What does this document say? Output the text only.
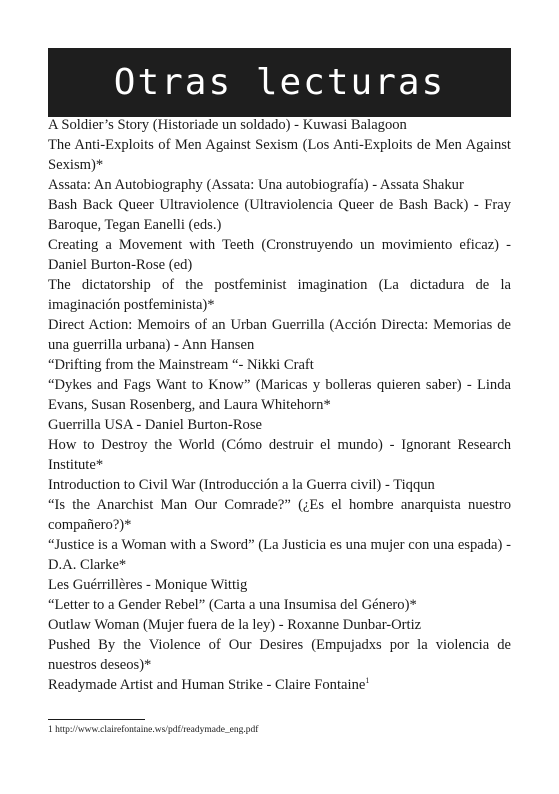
Otras lecturas
A Soldier’s Story (Historiade un soldado) - Kuwasi Balagoon
The Anti-Exploits of Men Against Sexism (Los Anti-Exploits de Men Against Sexism)*
Assata: An Autobiography (Assata: Una autobiografía) - Assata Shakur
Bash Back Queer Ultraviolence (Ultraviolencia Queer de Bash Back) - Fray Baroque, Tegan Eanelli (eds.)
Creating a Movement with Teeth (Cronstruyendo un movimiento eficaz) - Daniel Burton-Rose (ed)
The dictatorship of the postfeminist imagination (La dictadura de la imaginación postfeminista)*
Direct Action: Memoirs of an Urban Guerrilla (Acción Directa: Memorias de una guerrilla urbana) - Ann Hansen
“Drifting from the Mainstream “- Nikki Craft
“Dykes and Fags Want to Know” (Maricas y bolleras quieren saber) - Linda Evans, Susan Rosenberg, and Laura Whitehorn*
Guerrilla USA - Daniel Burton-Rose
How to Destroy the World (Cómo destruir el mundo) - Ignorant Research Institute*
Introduction to Civil War (Introducción a la Guerra civil) - Tiqqun
“Is the Anarchist Man Our Comrade?” (¿Es el hombre anarquista nuestro compañero?)*
“Justice is a Woman with a Sword” (La Justicia es una mujer con una espada) - D.A. Clarke*
Les Guérrillères - Monique Wittig
“Letter to a Gender Rebel” (Carta a una Insumisa del Género)*
Outlaw Woman (Mujer fuera de la ley) - Roxanne Dunbar-Ortiz
Pushed By the Violence of Our Desires (Empujadxs por la violencia de nuestros deseos)*
Readymade Artist and Human Strike - Claire Fontaine$^1$
1 http://www.clairefontaine.ws/pdf/readymade_eng.pdf
